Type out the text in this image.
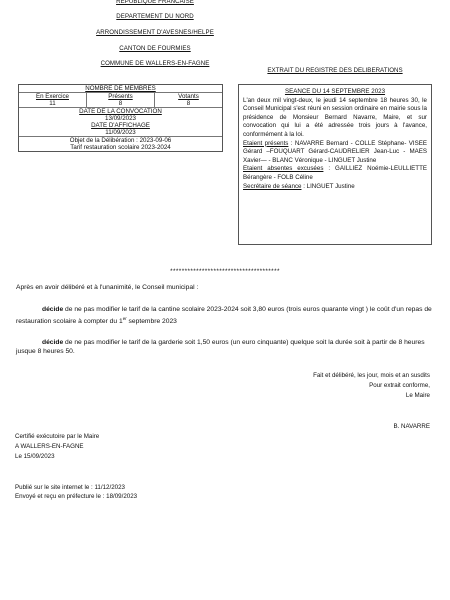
REPUBLIQUE FRANCAISE
DEPARTEMENT DU NORD
ARRONDISSEMENT D'AVESNES/HELPE
CANTON DE FOURMIES
COMMUNE DE WALLERS-EN-FAGNE
EXTRAIT DU REGISTRE DES DELIBERATIONS
NOMBRE DE MEMBRES
En Exercice
11
Présents
8
Votants
8
DATE DE LA CONVOCATION
13/09/2023
DATE D'AFFICHAGE
11/09/2023
Objet de la Délibération : 2023-09-06
Tarif restauration scolaire 2023-2024
SEANCE DU 14 SEPTEMBRE 2023

L'an deux mil vingt-deux, le jeudi 14 septembre 18 heures 30, le Conseil Municipal s'est réuni en session ordinaire en mairie sous la présidence de Monsieur Bernard Navarre, Maire, et sur convocation qui lui a été adressée trois jours à l'avance, conformément à la loi.

Etaient présents : NAVARRE Bernard - COLLE Stéphane- VISEE Gérard –FOUQUART Gérard-CAUDRELIER Jean-Luc - MAES Xavier— - BLANC Véronique - LINGUET Justine

Etaient absentes excusées : GAILLIEZ Noémie-LEULLIETTE Bérangère - FOLB Céline

Secrétaire de séance : LINGUET Justine

**************************************
Après en avoir délibéré et à l'unanimité, le Conseil municipal :
décide de ne pas modifier le tarif de la cantine scolaire 2023-2024 soit 3,80 euros (trois euros quarante vingt ) le coût d'un repas de restauration scolaire à compter du 1er septembre 2023
décide de ne pas modifier le tarif de la garderie soit 1,50 euros (un euro cinquante) quelque soit la durée soit à partir de 8 heures jusque 8 heures 50.
Fait et délibéré, les jour, mois et an susdits
Pour extrait conforme,
Le Maire
B. NAVARRE
Certifié exécutoire par le Maire
A WALLERS-EN-FAGNE
Le 15/09/2023
Publié sur le site internet le : 11/12/2023
Envoyé et reçu en préfecture le : 18/09/2023
